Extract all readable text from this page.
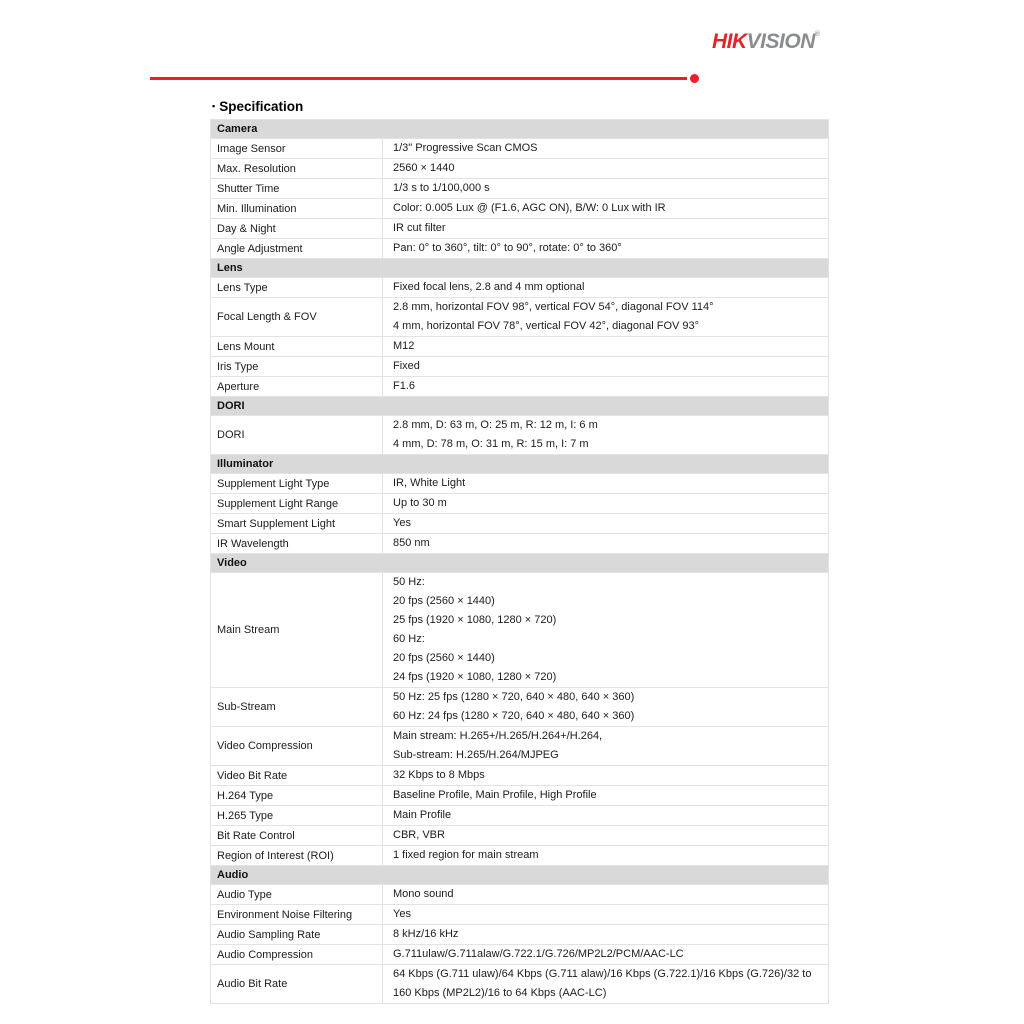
HIKVISION®
▪ Specification
Camera	
Image Sensor	1/3" Progressive Scan CMOS

Max. Resolution	2560 × 1440

Shutter Time	1/3 s to 1/100,000 s

Min. Illumination	Color: 0.005 Lux @ (F1.6, AGC ON), B/W: 0 Lux with IR

Day & Night	IR cut filter

Angle Adjustment	Pan: 0° to 360°, tilt: 0° to 90°, rotate: 0° to 360°

Lens	
Lens Type	Fixed focal lens, 2.8 and 4 mm optional

Focal Length & FOV	2.8 mm, horizontal FOV 98°, vertical FOV 54°, diagonal FOV 114°
4 mm, horizontal FOV 78°, vertical FOV 42°, diagonal FOV 93°

Lens Mount	M12

Iris Type	Fixed

Aperture	F1.6

DORI	
DORI	2.8 mm, D: 63 m, O: 25 m, R: 12 m, I: 6 m
4 mm, D: 78 m, O: 31 m, R: 15 m, I: 7 m

Illuminator	
Supplement Light Type	IR, White Light

Supplement Light Range	Up to 30 m

Smart Supplement Light	Yes

IR Wavelength	850 nm

Video	
Main Stream	
50 Hz:
20 fps (2560 × 1440)
25 fps (1920 × 1080, 1280 × 720)
60 Hz:
20 fps (2560 × 1440)
24 fps (1920 × 1080, 1280 × 720)

Sub-Stream	50 Hz: 25 fps (1280 × 720, 640 × 480, 640 × 360)
60 Hz: 24 fps (1280 × 720, 640 × 480, 640 × 360)

Video Compression	Main stream: H.265+/H.265/H.264+/H.264,
Sub-stream: H.265/H.264/MJPEG

Video Bit Rate	32 Kbps to 8 Mbps

H.264 Type	Baseline Profile, Main Profile, High Profile

H.265 Type	Main Profile

Bit Rate Control	CBR, VBR

Region of Interest (ROI)	1 fixed region for main stream

Audio	
Audio Type	Mono sound

Environment Noise Filtering	Yes

Audio Sampling Rate	8 kHz/16 kHz

Audio Compression	G.711ulaw/G.711alaw/G.722.1/G.726/MP2L2/PCM/AAC-LC

Audio Bit Rate	64 Kbps (G.711 ulaw)/64 Kbps (G.711 alaw)/16 Kbps (G.722.1)/16 Kbps (G.726)/32 to
160 Kbps (MP2L2)/16 to 64 Kbps (AAC-LC)
